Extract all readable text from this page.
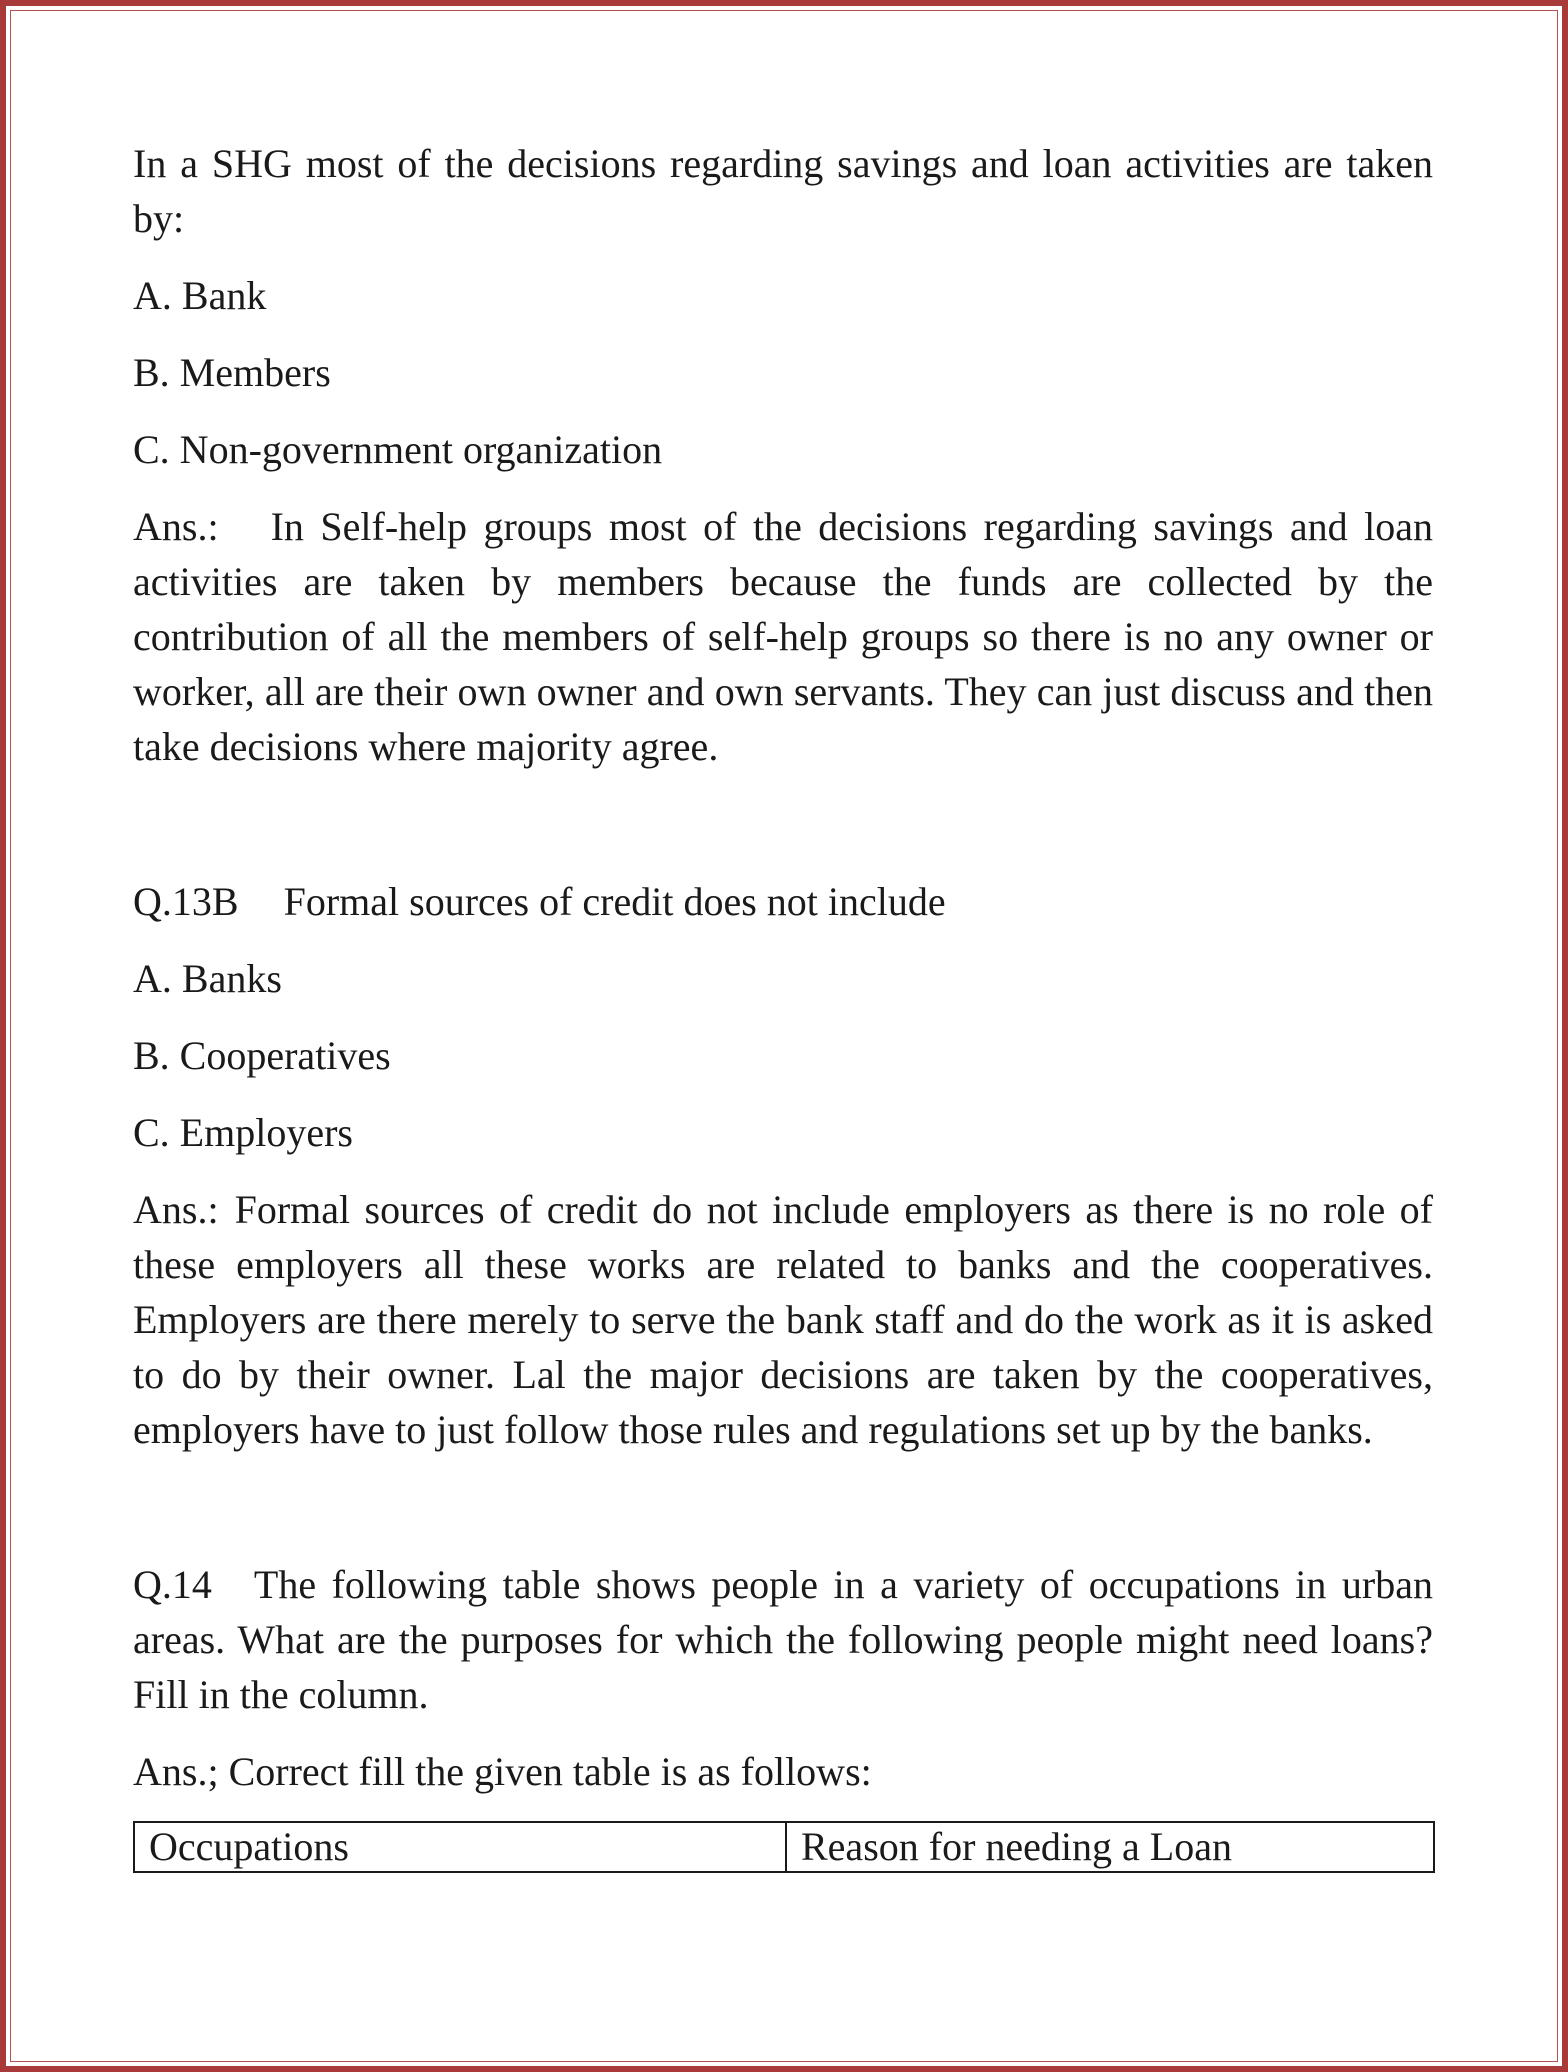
In a SHG most of the decisions regarding savings and loan activities are taken by:

A. Bank

B. Members

C. Non-government organization

Ans.: In Self-help groups most of the decisions regarding savings and loan activities are taken by members because the funds are collected by the contribution of all the members of self-help groups so there is no any owner or worker, all are their own owner and own servants. They can just discuss and then take decisions where majority agree.

Q.13B Formal sources of credit does not include

A. Banks

B. Cooperatives

C. Employers

Ans.: Formal sources of credit do not include employers as there is no role of these employers all these works are related to banks and the cooperatives. Employers are there merely to serve the bank staff and do the work as it is asked to do by their owner. Lal the major decisions are taken by the cooperatives, employers have to just follow those rules and regulations set up by the banks.

Q.14 The following table shows people in a variety of occupations in urban areas. What are the purposes for which the following people might need loans? Fill in the column.

Ans.; Correct fill the given table is as follows:

Occupations	Reason for needing a Loan
